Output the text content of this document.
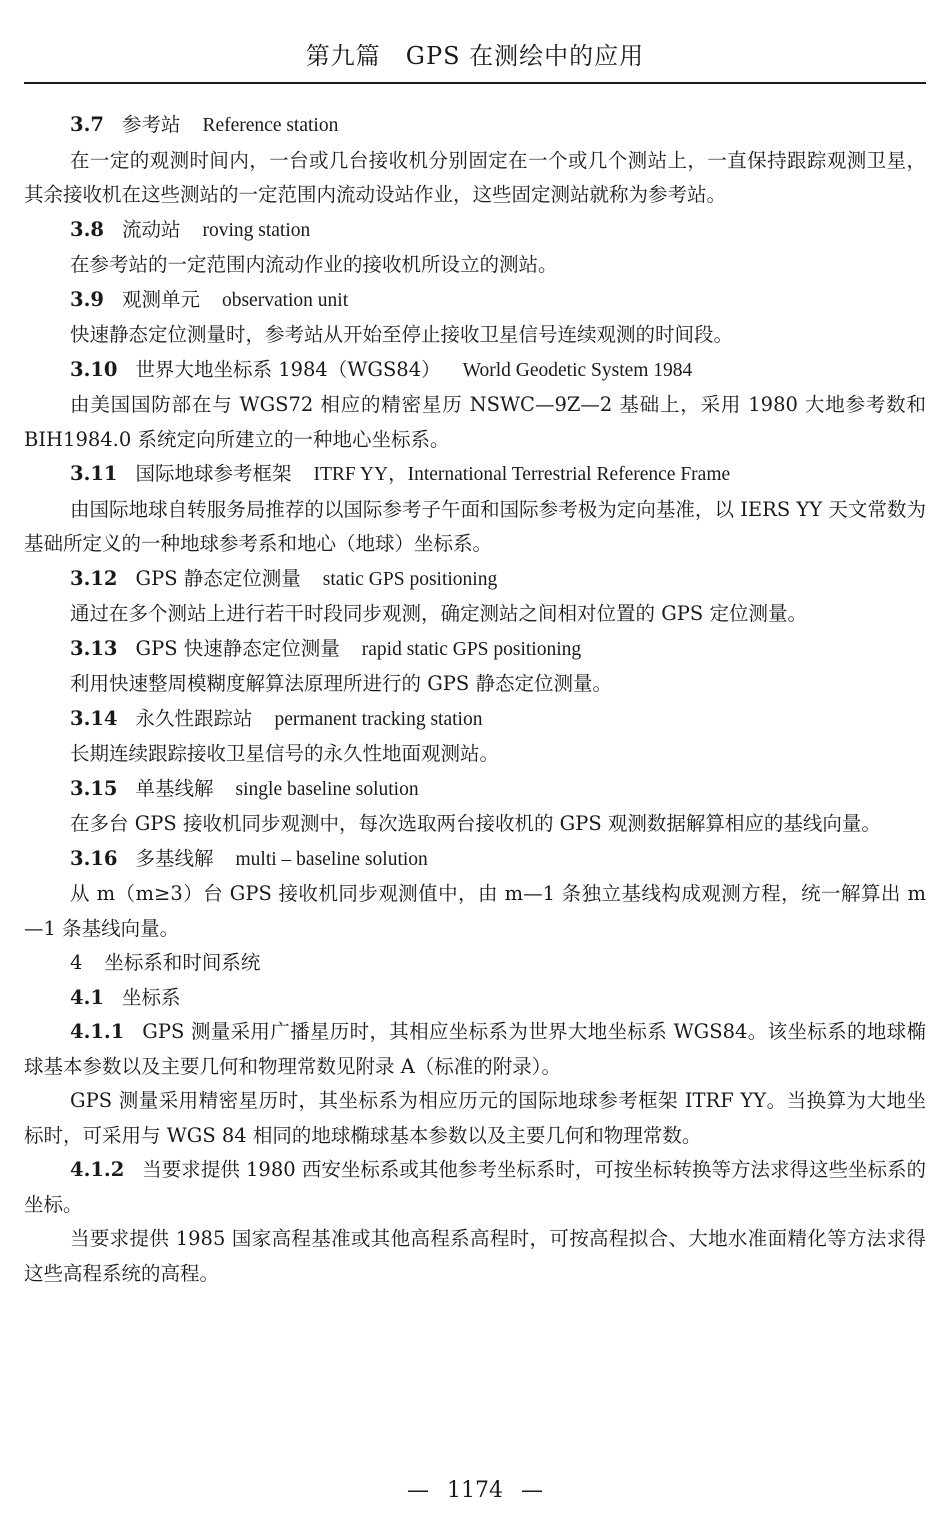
第九篇　GPS 在测绘中的应用
3.7 参考站 Reference station

在一定的观测时间内，一台或几台接收机分别固定在一个或几个测站上，一直保持跟踪观测卫星，其余接收机在这些测站的一定范围内流动设站作业，这些固定测站就称为参考站。

3.8 流动站 roving station

在参考站的一定范围内流动作业的接收机所设立的测站。

3.9 观测单元 observation unit

快速静态定位测量时，参考站从开始至停止接收卫星信号连续观测的时间段。

3.10 世界大地坐标系 1984（WGS84） World Geodetic System 1984

由美国国防部在与 WGS72 相应的精密星历 NSWC—9Z—2 基础上，采用 1980 大地参考数和 BIH1984.0 系统定向所建立的一种地心坐标系。

3.11 国际地球参考框架 ITRF YY，International Terrestrial Reference Frame

由国际地球自转服务局推荐的以国际参考子午面和国际参考极为定向基准，以 IERS YY 天文常数为基础所定义的一种地球参考系和地心（地球）坐标系。

3.12 GPS 静态定位测量 static GPS positioning

通过在多个测站上进行若干时段同步观测，确定测站之间相对位置的 GPS 定位测量。

3.13 GPS 快速静态定位测量 rapid static GPS positioning

利用快速整周模糊度解算法原理所进行的 GPS 静态定位测量。

3.14 永久性跟踪站 permanent tracking station

长期连续跟踪接收卫星信号的永久性地面观测站。

3.15 单基线解 single baseline solution

在多台 GPS 接收机同步观测中，每次选取两台接收机的 GPS 观测数据解算相应的基线向量。

3.16 多基线解 multi – baseline solution

从 m（m≥3）台 GPS 接收机同步观测值中，由 m—1 条独立基线构成观测方程，统一解算出 m—1 条基线向量。

4 坐标系和时间系统
4.1 坐标系

4.1.1 GPS 测量采用广播星历时，其相应坐标系为世界大地坐标系 WGS84。该坐标系的地球椭球基本参数以及主要几何和物理常数见附录 A（标准的附录）。

GPS 测量采用精密星历时，其坐标系为相应历元的国际地球参考框架 ITRF YY。当换算为大地坐标时，可采用与 WGS 84 相同的地球椭球基本参数以及主要几何和物理常数。

4.1.2 当要求提供 1980 西安坐标系或其他参考坐标系时，可按坐标转换等方法求得这些坐标系的坐标。

当要求提供 1985 国家高程基准或其他高程系高程时，可按高程拟合、大地水准面精化等方法求得这些高程系统的高程。

— 1174 —
